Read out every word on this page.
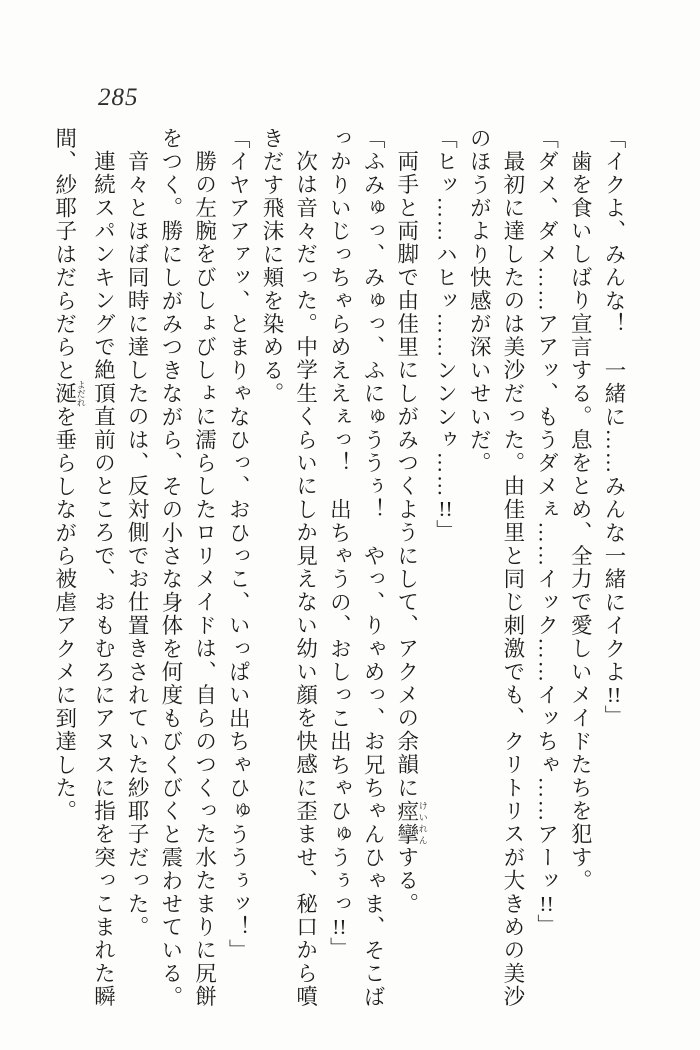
285
「イクよ、みんな！　一緒に……みんな一緒にイクよ!!」
歯を食いしばり宣言する。息をとめ、全力で愛しいメイドたちを犯す。
「ダメ、ダメ……アアッ、もうダメぇ……イック……イッちゃ……アーッ!!」
最初に達したのは美沙だった。由佳里と同じ刺激でも、クリトリスが大きめの美沙
のほうがより快感が深いせいだ。
「ヒッ……ハヒッ……ンンンゥ……!!」
両手と両脚で由佳里にしがみつくようにして、アクメの余韻に痙攣 けいれんする。
「ふみゅっ、みゅっ、ふにゅううぅ！　やっ、りゃめっ、お兄ちゃんひゃま、そこば
っかりいじっちゃらめええぇっ！　出ちゃうの、おしっこ出ちゃひゅうぅっ!!」
次は音々だった。中学生くらいにしか見えない幼い顔を快感に歪ませ、秘口から噴
きだす飛沫に頬を染める。
「イヤアアァッ、とまりゃなひっ、おひっこ、いっぱい出ちゃひゅううぅッ！」
勝の左腕をびしょびしょに濡らしたロリメイドは、自らのつくった水たまりに尻餅
をつく。勝にしがみつきながら、その小さな身体を何度もびくびくと震わせている。
音々とほぼ同時に達したのは、反対側でお仕置きされていた紗耶子だった。
連続スパンキングで絶頂直前のところで、おもむろにアヌスに指を突っこまれた瞬
間、紗耶子はだらだらと涎 よだれを垂らしながら被虐アクメに到達した。
